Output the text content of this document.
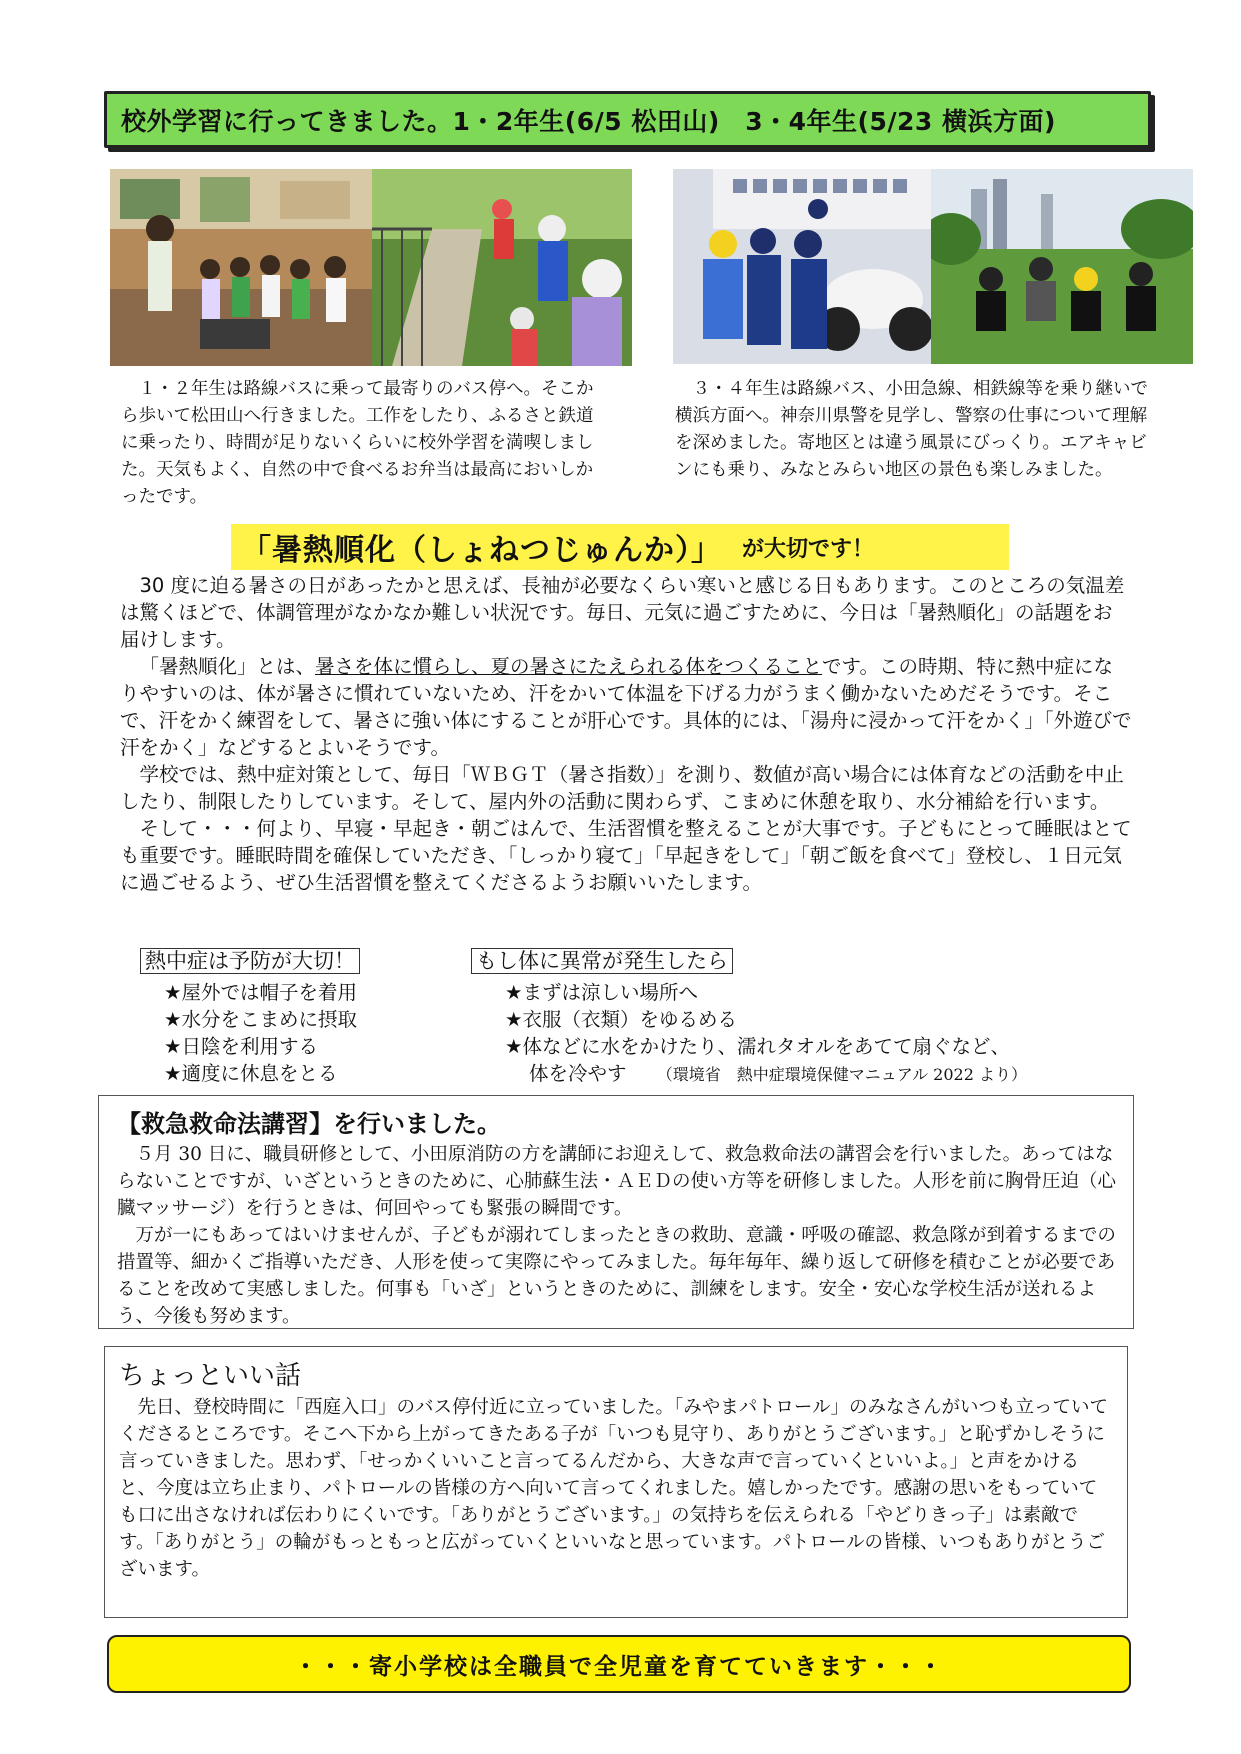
校外学習に行ってきました。1・2年生(6/5 松田山)　3・4年生(5/23 横浜方面)

１・２年生は路線バスに乗って最寄りのバス停へ。そこから歩いて松田山へ行きました。工作をしたり、ふるさと鉄道に乗ったり、時間が足りないくらいに校外学習を満喫しました。天気もよく、自然の中で食べるお弁当は最高においしかったです。

３・４年生は路線バス、小田急線、相鉄線等を乗り継いで横浜方面へ。神奈川県警を見学し、警察の仕事について理解を深めました。寄地区とは違う風景にびっくり。エアキャビンにも乗り、みなとみらい地区の景色も楽しみました。

「暑熱順化（しょねつじゅんか）」 が大切です！

30 度に迫る暑さの日があったかと思えば、長袖が必要なくらい寒いと感じる日もあります。このところの気温差は驚くほどで、体調管理がなかなか難しい状況です。毎日、元気に過ごすために、今日は「暑熱順化」の話題をお届けします。

「暑熱順化」とは、暑さを体に慣らし、夏の暑さにたえられる体をつくることです。この時期、特に熱中症になりやすいのは、体が暑さに慣れていないため、汗をかいて体温を下げる力がうまく働かないためだそうです。そこで、汗をかく練習をして、暑さに強い体にすることが肝心です。具体的には、「湯舟に浸かって汗をかく」「外遊びで汗をかく」などするとよいそうです。

学校では、熱中症対策として、毎日「ＷＢＧＴ（暑さ指数）」を測り、数値が高い場合には体育などの活動を中止したり、制限したりしています。そして、屋内外の活動に関わらず、こまめに休憩を取り、水分補給を行います。

そして・・・何より、早寝・早起き・朝ごはんで、生活習慣を整えることが大事です。子どもにとって睡眠はとても重要です。睡眠時間を確保していただき、「しっかり寝て」「早起きをして」「朝ご飯を食べて」登校し、１日元気に過ごせるよう、ぜひ生活習慣を整えてくださるようお願いいたします。

熱中症は予防が大切！
★屋外では帽子を着用
★水分をこまめに摂取
★日陰を利用する
★適度に休息をとる
もし体に異常が発生したら
★まずは涼しい場所へ
★衣服（衣類）をゆるめる
★体などに水をかけたり、濡れタオルをあてて扇ぐなど、
体を冷やす （環境省　熱中症環境保健マニュアル 2022 より）
【救急救命法講習】を行いました。

５月 30 日に、職員研修として、小田原消防の方を講師にお迎えして、救急救命法の講習会を行いました。あってはならないことですが、いざというときのために、心肺蘇生法・ＡＥＤの使い方等を研修しました。人形を前に胸骨圧迫（心臓マッサージ）を行うときは、何回やっても緊張の瞬間です。

万が一にもあってはいけませんが、子どもが溺れてしまったときの救助、意識・呼吸の確認、救急隊が到着するまでの措置等、細かくご指導いただき、人形を使って実際にやってみました。毎年毎年、繰り返して研修を積むことが必要であることを改めて実感しました。何事も「いざ」というときのために、訓練をします。安全・安心な学校生活が送れるよう、今後も努めます。

ちょっといい話

先日、登校時間に「西庭入口」のバス停付近に立っていました。「みやまパトロール」のみなさんがいつも立っていてくださるところです。そこへ下から上がってきたある子が「いつも見守り、ありがとうございます。」と恥ずかしそうに言っていきました。思わず、「せっかくいいこと言ってるんだから、大きな声で言っていくといいよ。」と声をかけると、今度は立ち止まり、パトロールの皆様の方へ向いて言ってくれました。嬉しかったです。感謝の思いをもっていても口に出さなければ伝わりにくいです。「ありがとうございます。」の気持ちを伝えられる「やどりきっ子」は素敵です。「ありがとう」の輪がもっともっと広がっていくといいなと思っています。パトロールの皆様、いつもありがとうございます。

・・・寄小学校は全職員で全児童を育てていきます・・・
